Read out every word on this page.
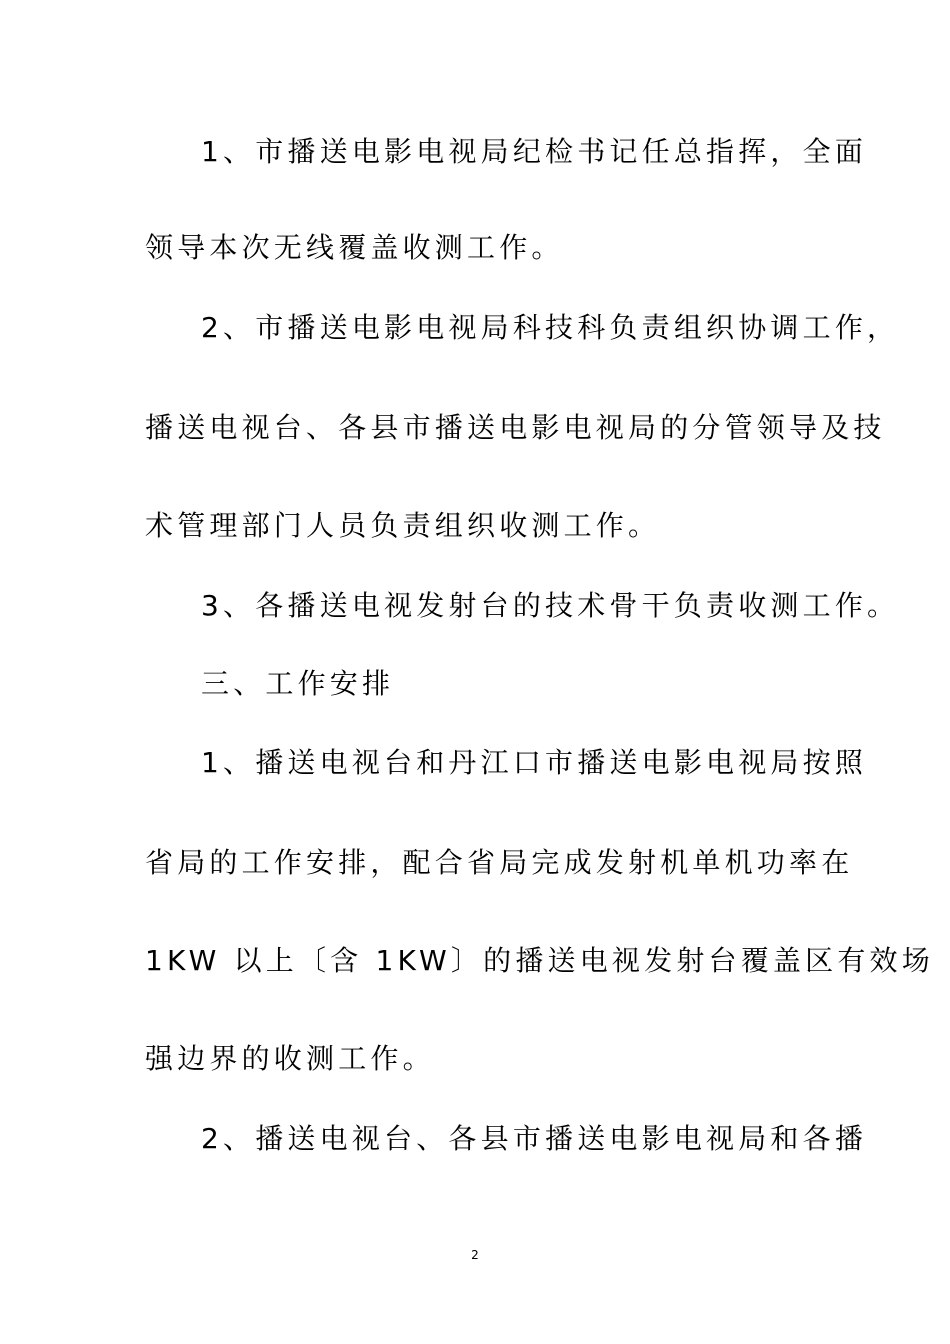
1、市播送电影电视局纪检书记任总指挥，全面
领导本次无线覆盖收测工作。
2、市播送电影电视局科技科负责组织协调工作，
播送电视台、各县市播送电影电视局的分管领导及技
术管理部门人员负责组织收测工作。
3、各播送电视发射台的技术骨干负责收测工作。
三、工作安排
1、播送电视台和丹江口市播送电影电视局按照
省局的工作安排，配合省局完成发射机单机功率在
1KW 以上〔含 1KW〕的播送电视发射台覆盖区有效场
强边界的收测工作。
2、播送电视台、各县市播送电影电视局和各播
2
